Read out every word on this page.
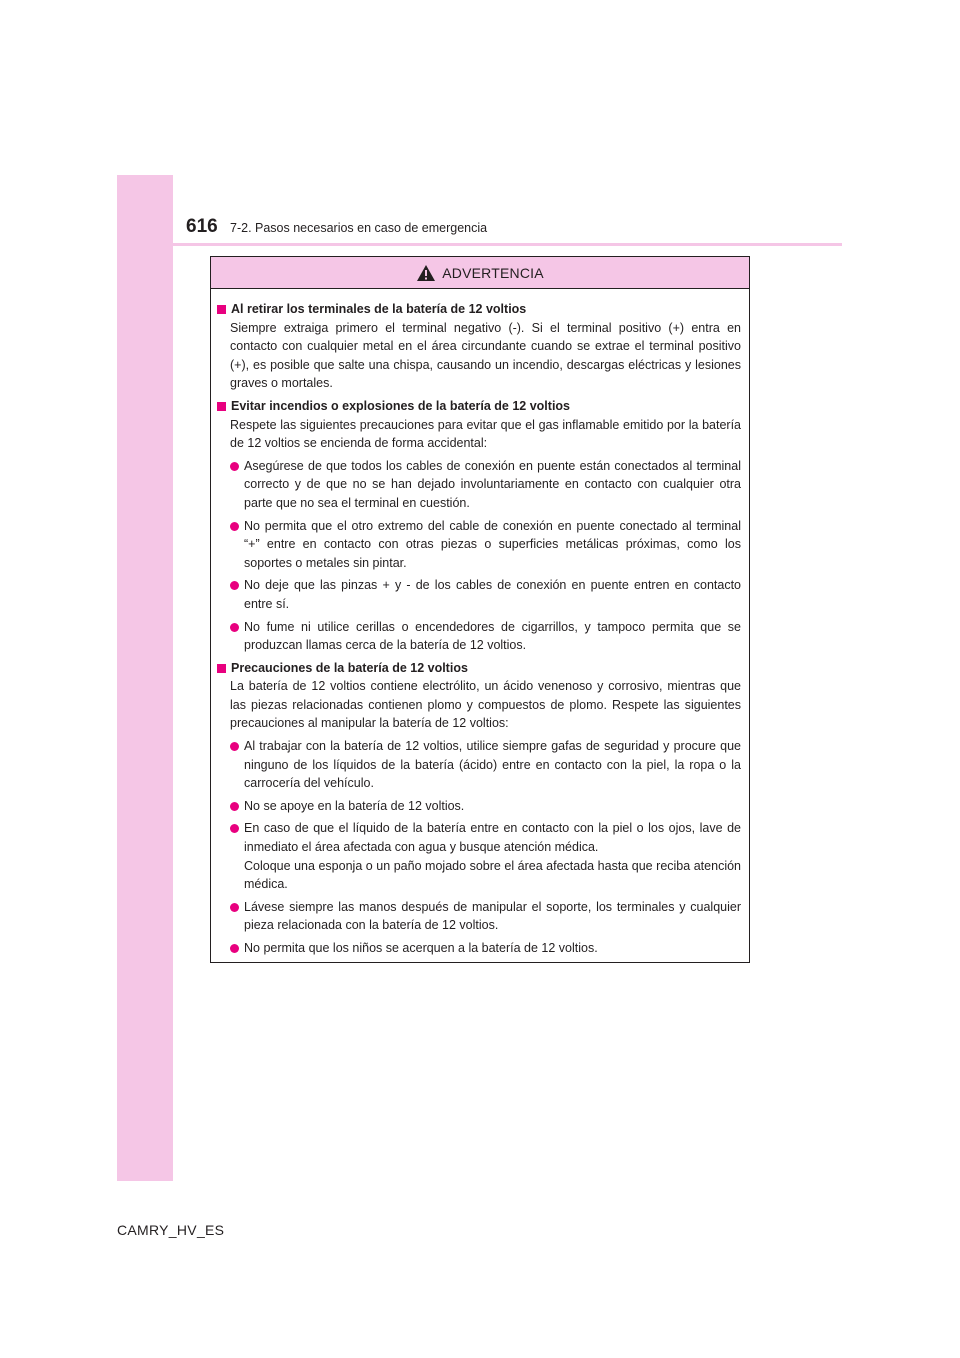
616 7-2. Pasos necesarios en caso de emergencia
ADVERTENCIA
Al retirar los terminales de la batería de 12 voltios
Siempre extraiga primero el terminal negativo (-). Si el terminal positivo (+) entra en contacto con cualquier metal en el área circundante cuando se extrae el terminal positivo (+), es posible que salte una chispa, causando un incendio, descargas eléctricas y lesiones graves o mortales.
Evitar incendios o explosiones de la batería de 12 voltios
Respete las siguientes precauciones para evitar que el gas inflamable emitido por la batería de 12 voltios se encienda de forma accidental:
Asegúrese de que todos los cables de conexión en puente están conectados al terminal correcto y de que no se han dejado involuntariamente en contacto con cualquier otra parte que no sea el terminal en cuestión.
No permita que el otro extremo del cable de conexión en puente conectado al terminal “+” entre en contacto con otras piezas o superficies metálicas próximas, como los soportes o metales sin pintar.
No deje que las pinzas + y - de los cables de conexión en puente entren en contacto entre sí.
No fume ni utilice cerillas o encendedores de cigarrillos, y tampoco permita que se produzcan llamas cerca de la batería de 12 voltios.
Precauciones de la batería de 12 voltios
La batería de 12 voltios contiene electrólito, un ácido venenoso y corrosivo, mientras que las piezas relacionadas contienen plomo y compuestos de plomo. Respete las siguientes precauciones al manipular la batería de 12 voltios:
Al trabajar con la batería de 12 voltios, utilice siempre gafas de seguridad y procure que ninguno de los líquidos de la batería (ácido) entre en contacto con la piel, la ropa o la carrocería del vehículo.
No se apoye en la batería de 12 voltios.
En caso de que el líquido de la batería entre en contacto con la piel o los ojos, lave de inmediato el área afectada con agua y busque atención médica.
Coloque una esponja o un paño mojado sobre el área afectada hasta que reciba atención médica.
Lávese siempre las manos después de manipular el soporte, los terminales y cualquier pieza relacionada con la batería de 12 voltios.
No permita que los niños se acerquen a la batería de 12 voltios.
CAMRY_HV_ES
